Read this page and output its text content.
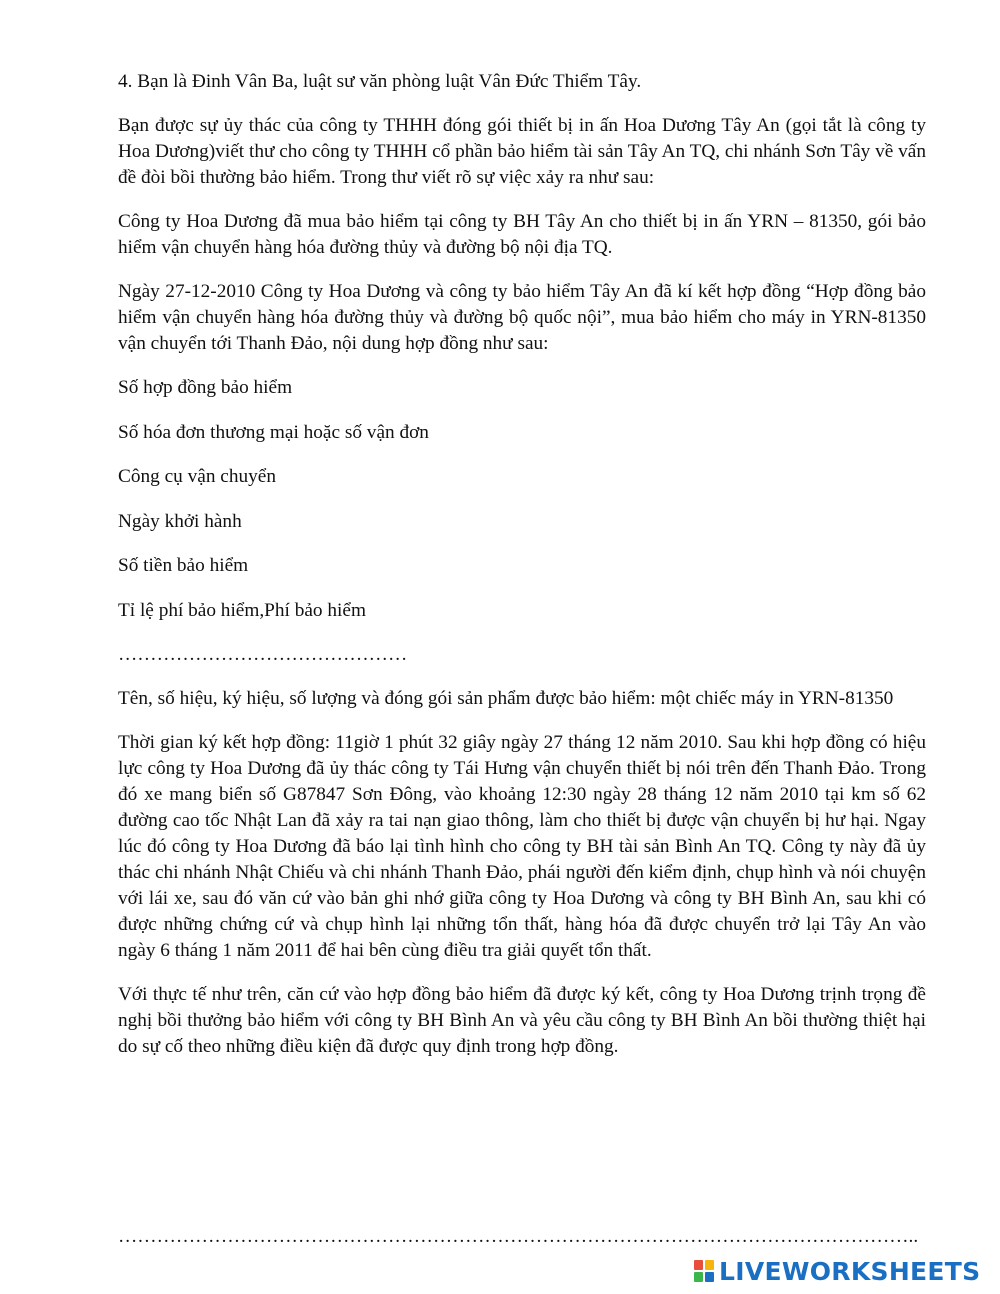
4. Bạn là Đinh Vân Ba, luật sư văn phòng luật Vân Đức Thiểm Tây.

Bạn được sự ủy thác của công ty THHH đóng gói thiết bị in ấn Hoa Dương Tây An (gọi tắt là công ty Hoa Dương)viết thư cho công ty THHH cổ phần bảo hiểm tài sản Tây An TQ, chi nhánh Sơn Tây về vấn đề đòi bồi thường bảo hiểm. Trong thư viết rõ sự việc xảy ra như sau:

Công ty Hoa Dương đã mua bảo hiểm tại công ty BH Tây An cho thiết bị in ấn YRN – 81350, gói bảo hiểm vận chuyển hàng hóa đường thủy và đường bộ nội địa TQ.

Ngày 27-12-2010 Công ty Hoa Dương và công ty bảo hiểm Tây An đã kí kết hợp đồng “Hợp đồng bảo hiểm vận chuyển hàng hóa đường thủy và đường bộ quốc nội”, mua bảo hiểm cho máy in YRN-81350 vận chuyển tới Thanh Đảo, nội dung hợp đồng như sau:

Số hợp đồng bảo hiểm

Số hóa đơn thương mại hoặc số vận đơn

Công cụ vận chuyển

Ngày khởi hành

Số tiền bảo hiểm

Tỉ lệ phí bảo hiểm,Phí bảo hiểm

………………………………………

Tên, số hiệu, ký hiệu, số lượng và đóng gói sản phẩm được bảo hiểm: một chiếc máy in YRN-81350

Thời gian ký kết hợp đồng: 11giờ 1 phút 32 giây ngày 27 tháng 12 năm 2010. Sau khi hợp đồng có hiệu lực công ty Hoa Dương đã ủy thác công ty Tái Hưng vận chuyển thiết bị nói trên đến Thanh Đảo. Trong đó xe mang biển số G87847 Sơn Đông, vào khoảng 12:30 ngày 28 tháng 12 năm 2010 tại km số 62 đường cao tốc Nhật Lan đã xảy ra tai nạn giao thông, làm cho thiết bị được vận chuyển bị hư hại. Ngay lúc đó công ty Hoa Dương đã báo lại tình hình cho công ty BH tài sản Bình An TQ. Công ty này đã ủy thác chi nhánh Nhật Chiếu và chi nhánh Thanh Đảo, phái người đến kiểm định, chụp hình và nói chuyện với lái xe, sau đó văn cứ vào bản ghi nhớ giữa công ty Hoa Dương và công ty BH Bình An, sau khi có được những chứng cứ và chụp hình lại những tổn thất, hàng hóa đã được chuyển trở lại Tây An vào ngày 6 tháng 1 năm 2011 để hai bên cùng điều tra giải quyết tổn thất.

Với thực tế như trên, căn cứ vào hợp đồng bảo hiểm đã được ký kết, công ty Hoa Dương trịnh trọng đề nghị bồi thưởng bảo hiểm với công ty BH Bình An và yêu cầu công ty BH Bình An bồi thường thiệt hại do sự cố theo những điều kiện đã được quy định trong hợp đồng.

……………………………………………………………………………………………………………..
LIVEWORKSHEETS
